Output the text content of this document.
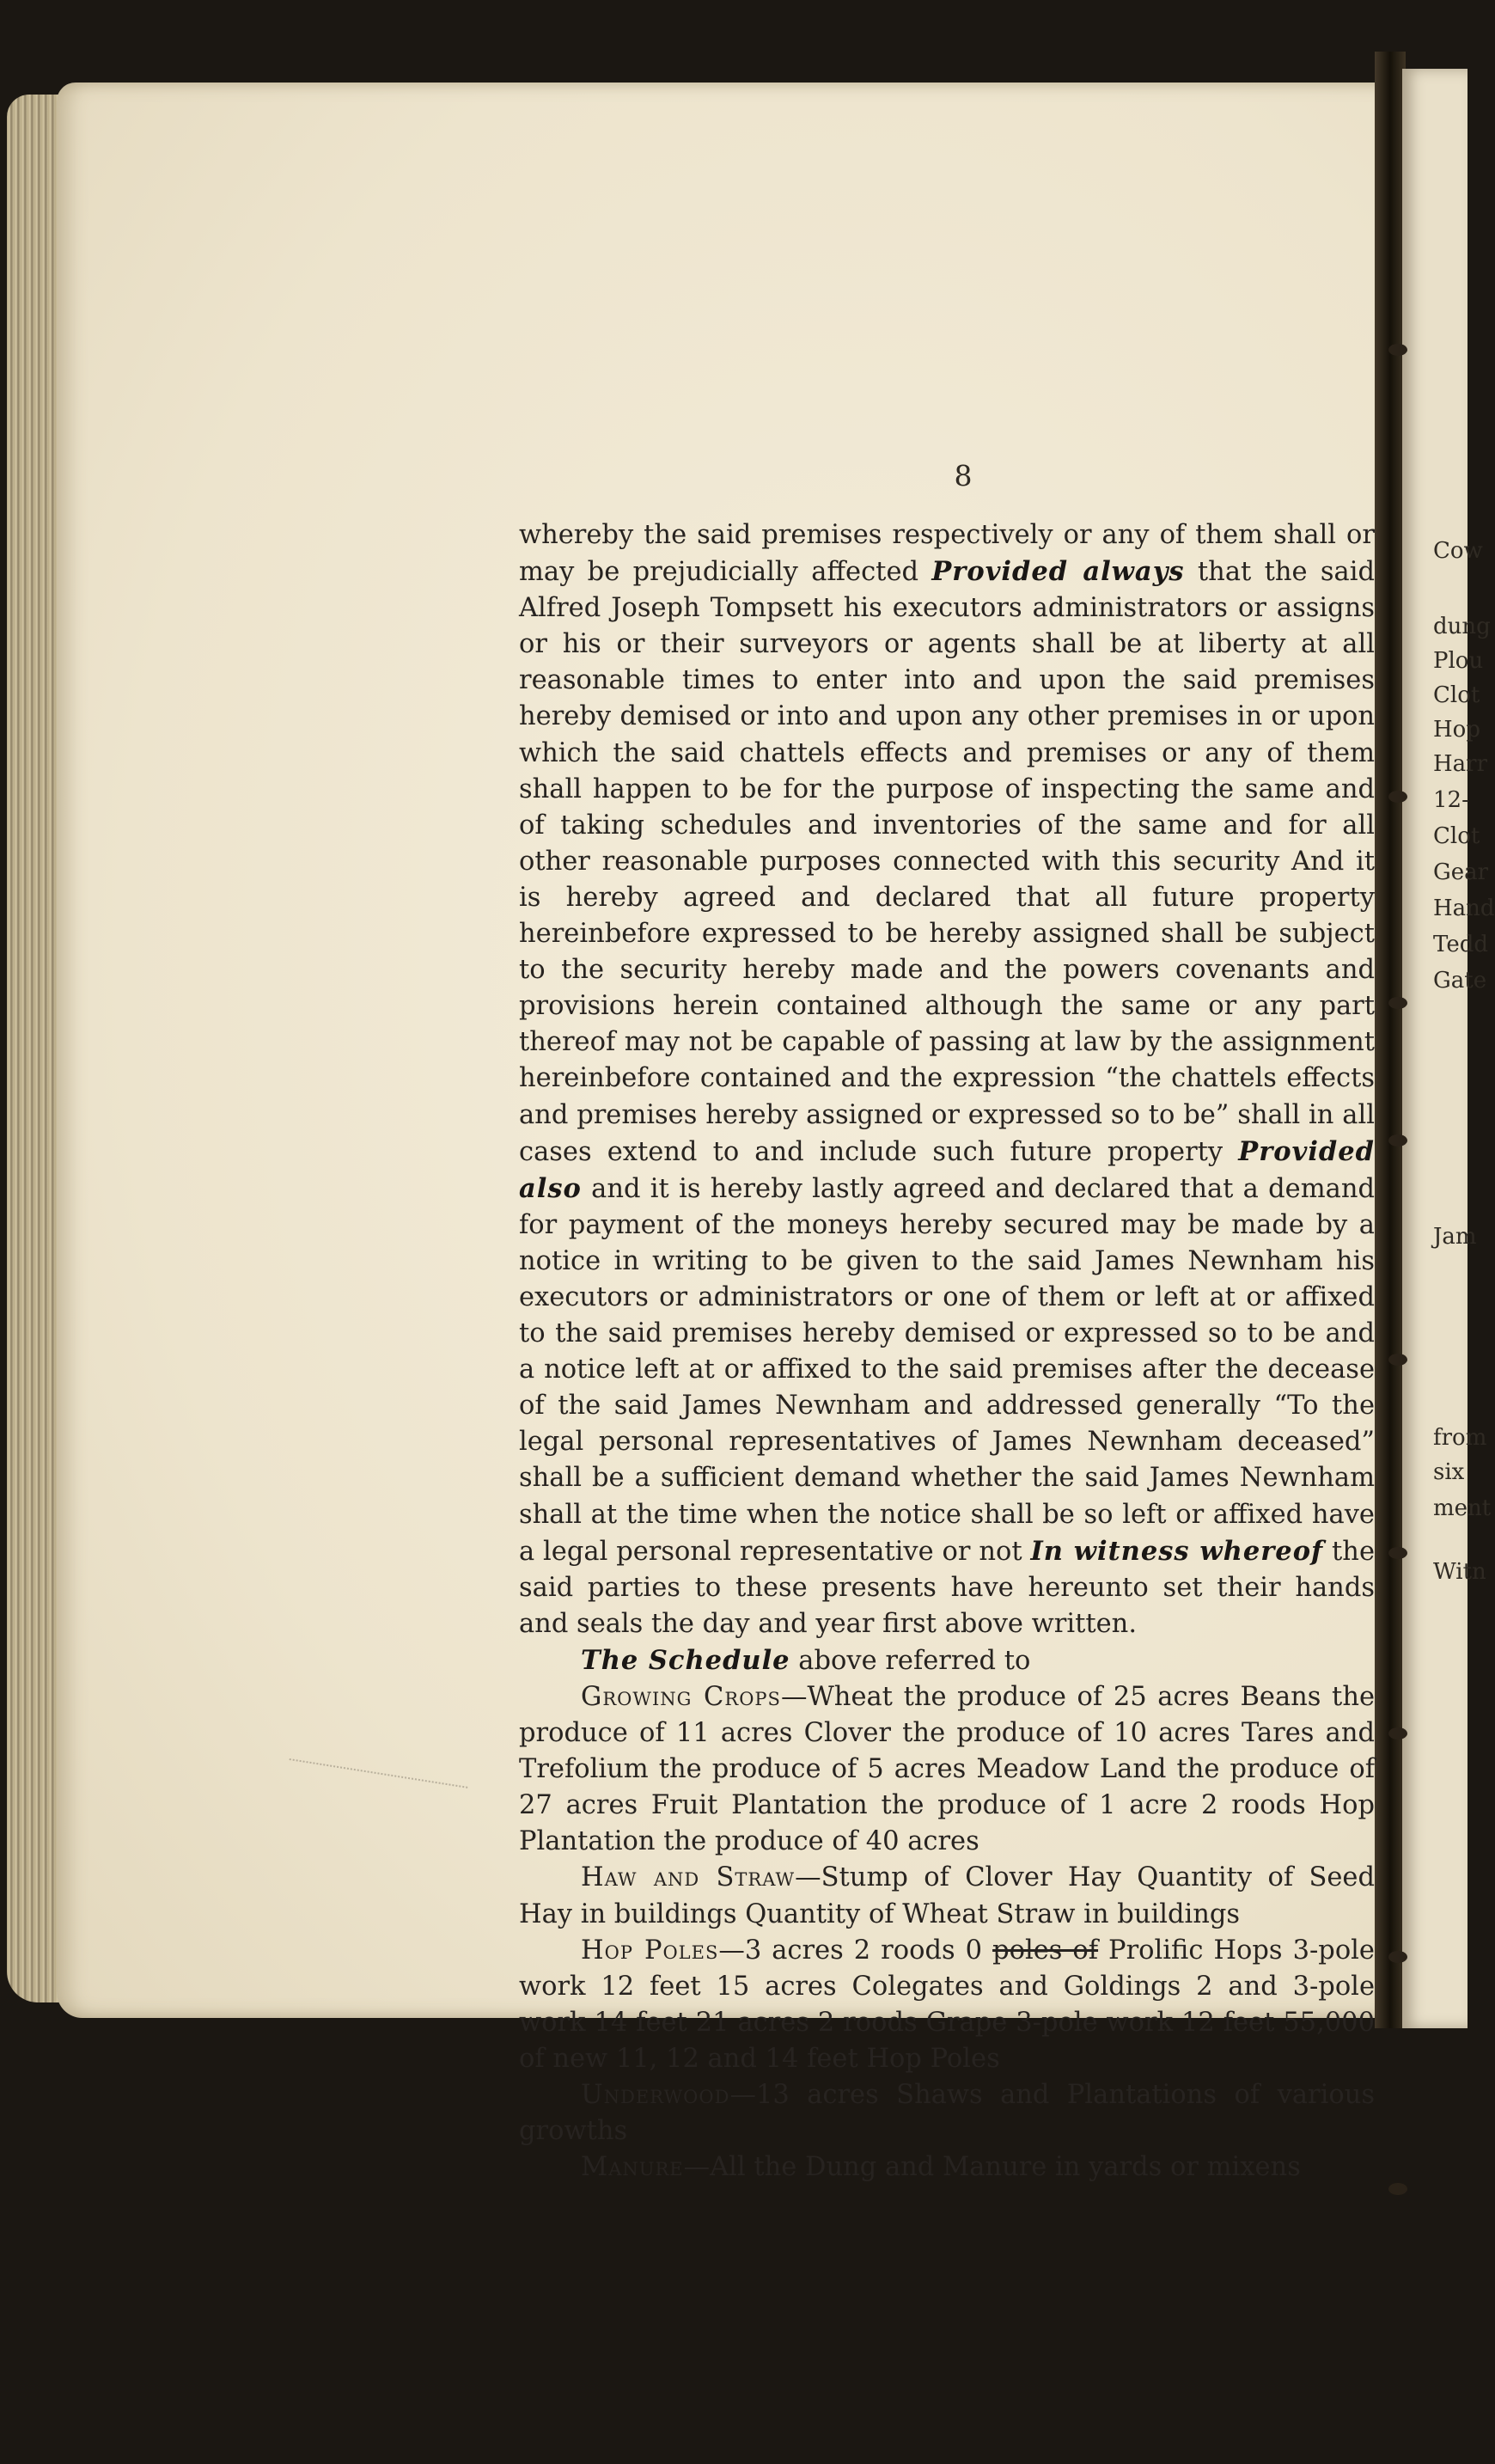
8

whereby the said premises respectively or any of them shall or may be prejudicially affected Provided always that the said Alfred Joseph Tompsett his executors administrators or assigns or his or their surveyors or agents shall be at liberty at all reasonable times to enter into and upon the said premises hereby demised or into and upon any other premises in or upon which the said chattels effects and premises or any of them shall happen to be for the purpose of inspecting the same and of taking schedules and inventories of the same and for all other reasonable purposes connected with this security And it is hereby agreed and declared that all future property hereinbefore expressed to be hereby assigned shall be subject to the security hereby made and the powers covenants and provisions herein contained although the same or any part thereof may not be capable of passing at law by the assignment hereinbefore contained and the expression “the chattels effects and premises hereby assigned or expressed so to be” shall in all cases extend to and include such future property Provided also and it is hereby lastly agreed and declared that a demand for payment of the moneys hereby secured may be made by a notice in writing to be given to the said James Newnham his executors or administrators or one of them or left at or affixed to the said premises hereby demised or expressed so to be and a notice left at or affixed to the said premises after the decease of the said James Newnham and addressed generally “To the legal personal representatives of James Newnham deceased” shall be a sufficient demand whether the said James Newnham shall at the time when the notice shall be so left or affixed have a legal personal representative or not In witness whereof the said parties to these presents have hereunto set their hands and seals the day and year first above written.

The Schedule above referred to

Growing Crops—Wheat the produce of 25 acres Beans the produce of 11 acres Clover the produce of 10 acres Tares and Trefolium the produce of 5 acres Meadow Land the produce of 27 acres Fruit Plantation the produce of 1 acre 2 roods Hop Plantation the produce of 40 acres

Haw and Straw—Stump of Clover Hay Quantity of Seed Hay in buildings Quantity of Wheat Straw in buildings

Hop Poles—3 acres 2 roods 0 poles of Prolific Hops 3-pole work 12 feet 15 acres Colegates and Goldings 2 and 3-pole work 14 feet 21 acres 2 roods Grape 3-pole work 12 feet 55,000 of new 11, 12 and 14 feet Hop Poles

Underwood—13 acres Shaws and Plantations of various growths

Manure—All the Dung and Manure in yards or mixens

Cow
dung
Plou
Clot
Hop
Harr
12-
Clot
Gear
Hand
Tedd
Gate
Jam
from
six
ment
Witn
